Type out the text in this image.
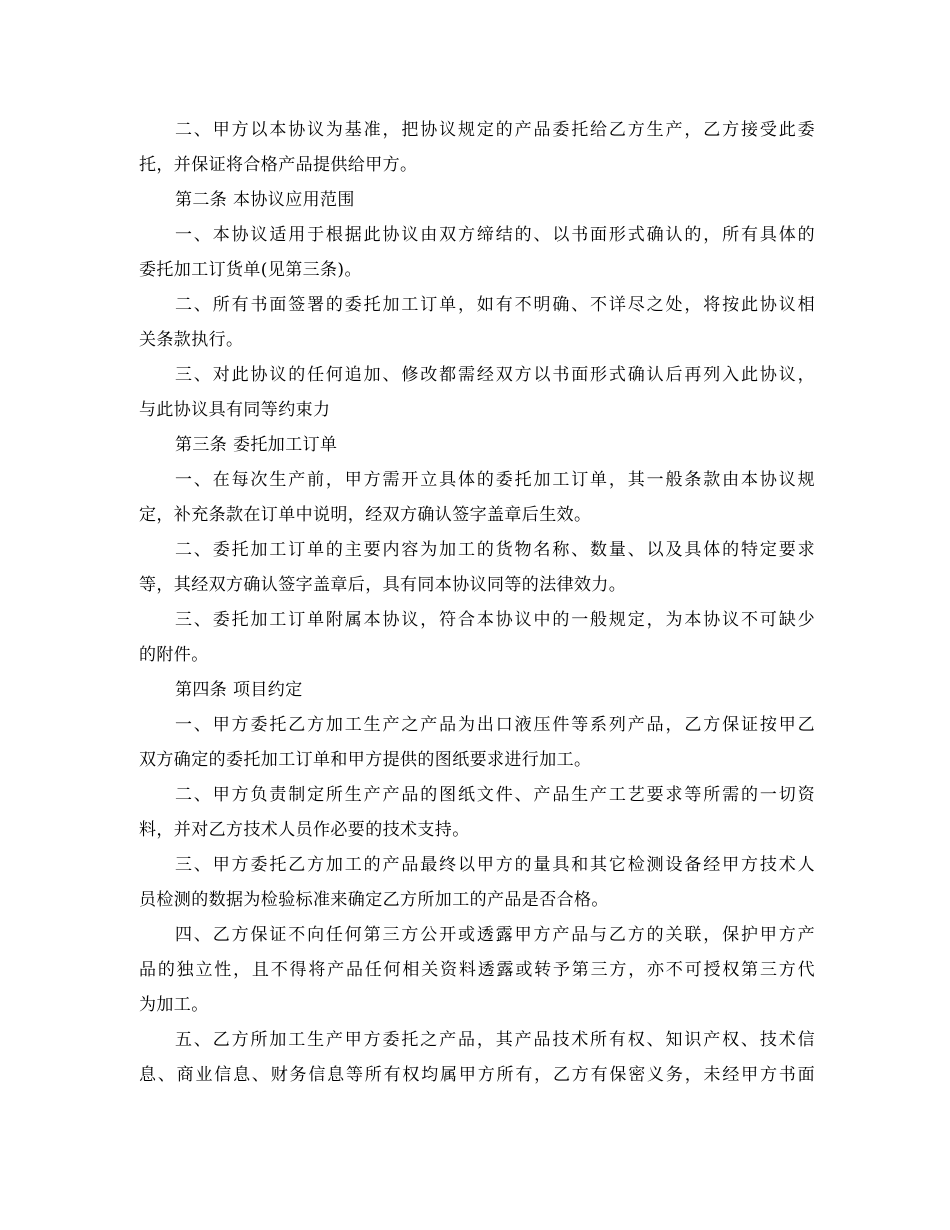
二、甲方以本协议为基准，把协议规定的产品委托给乙方生产，乙方接受此委
托，并保证将合格产品提供给甲方。
第二条 本协议应用范围
一、本协议适用于根据此协议由双方缔结的、以书面形式确认的，所有具体的
委托加工订货单(见第三条)。
二、所有书面签署的委托加工订单，如有不明确、不详尽之处，将按此协议相
关条款执行。
三、对此协议的任何追加、修改都需经双方以书面形式确认后再列入此协议，
与此协议具有同等约束力
第三条 委托加工订单
一、在每次生产前，甲方需开立具体的委托加工订单，其一般条款由本协议规
定，补充条款在订单中说明，经双方确认签字盖章后生效。
二、委托加工订单的主要内容为加工的货物名称、数量、以及具体的特定要求
等，其经双方确认签字盖章后，具有同本协议同等的法律效力。
三、委托加工订单附属本协议，符合本协议中的一般规定，为本协议不可缺少
的附件。
第四条 项目约定
一、甲方委托乙方加工生产之产品为出口液压件等系列产品，乙方保证按甲乙
双方确定的委托加工订单和甲方提供的图纸要求进行加工。
二、甲方负责制定所生产产品的图纸文件、产品生产工艺要求等所需的一切资
料，并对乙方技术人员作必要的技术支持。
三、甲方委托乙方加工的产品最终以甲方的量具和其它检测设备经甲方技术人
员检测的数据为检验标准来确定乙方所加工的产品是否合格。
四、乙方保证不向任何第三方公开或透露甲方产品与乙方的关联，保护甲方产
品的独立性，且不得将产品任何相关资料透露或转予第三方，亦不可授权第三方代
为加工。
五、乙方所加工生产甲方委托之产品，其产品技术所有权、知识产权、技术信
息、商业信息、财务信息等所有权均属甲方所有，乙方有保密义务，未经甲方书面
